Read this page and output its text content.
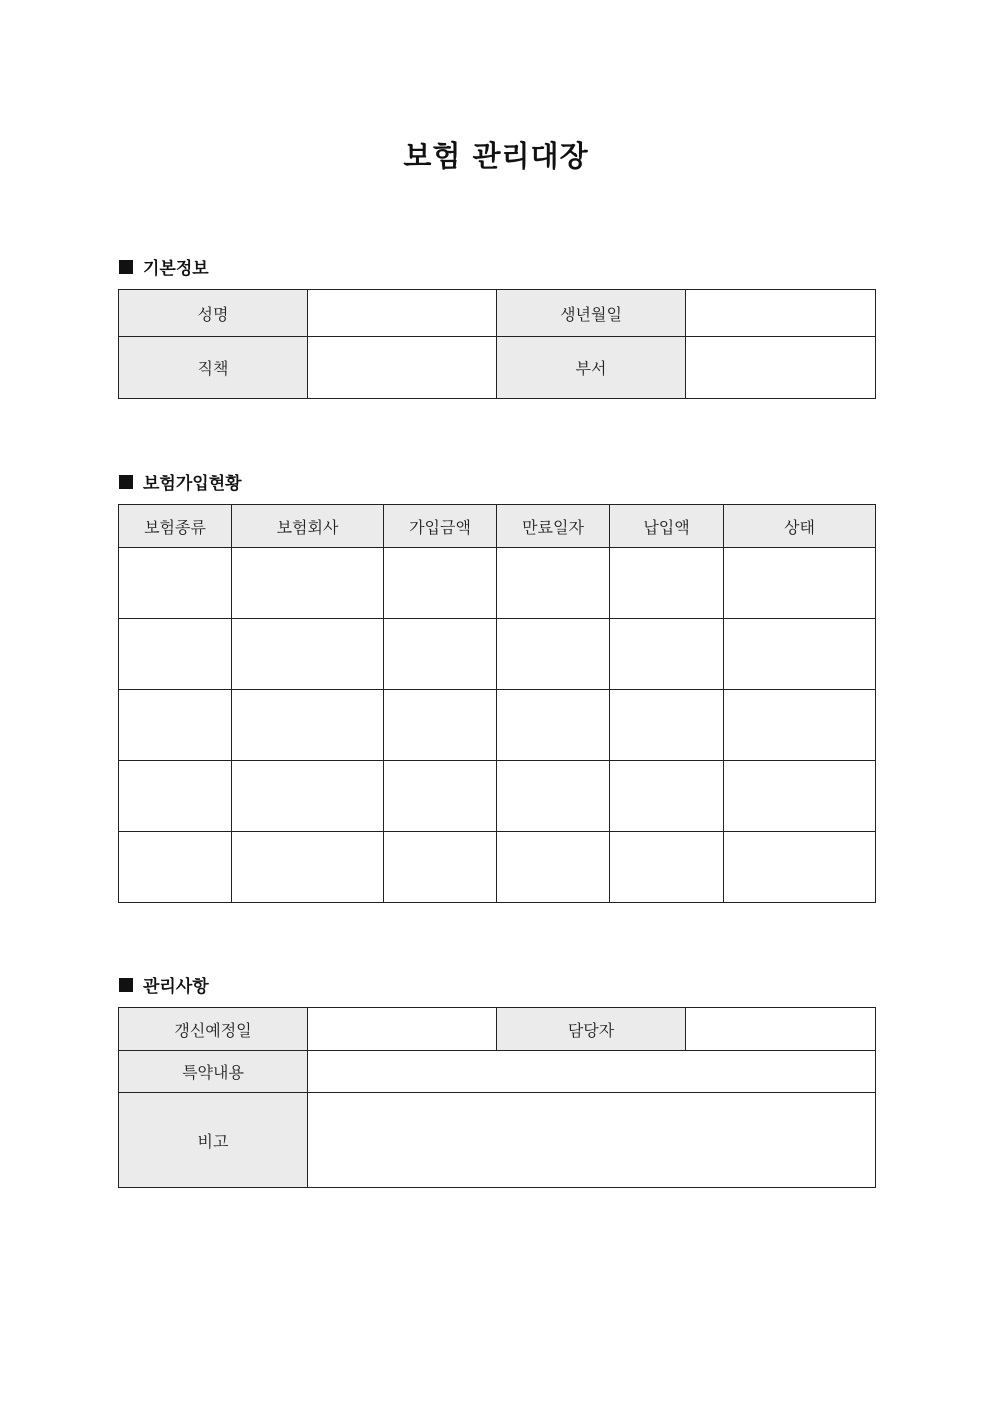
보험 관리대장
기본정보
성명		생년월일	
직책		부서	
보험가입현황
보험종류	보험회사	가입금액	만료일자	납입액	상태

관리사항
갱신예정일		담당자	
특약내용			
비고			
